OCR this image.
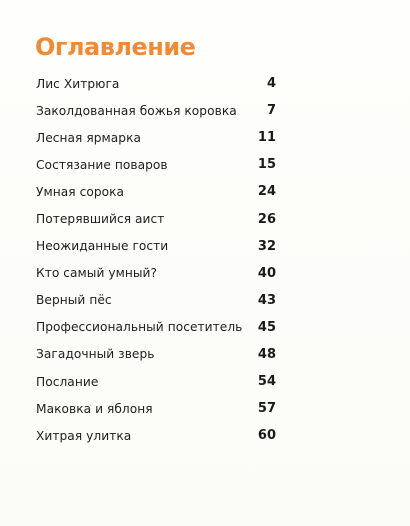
Оглавление
Лис Хитрюга	4
Заколдованная божья коровка	7
Лесная ярмарка	11
Состязание поваров	15
Умная сорока	24
Потерявшийся аист	26
Неожиданные гости	32
Кто самый умный?	40
Верный пёс	43
Профессиональный посетитель	45
Загадочный зверь	48
Послание	54
Маковка и яблоня	57
Хитрая улитка	60
